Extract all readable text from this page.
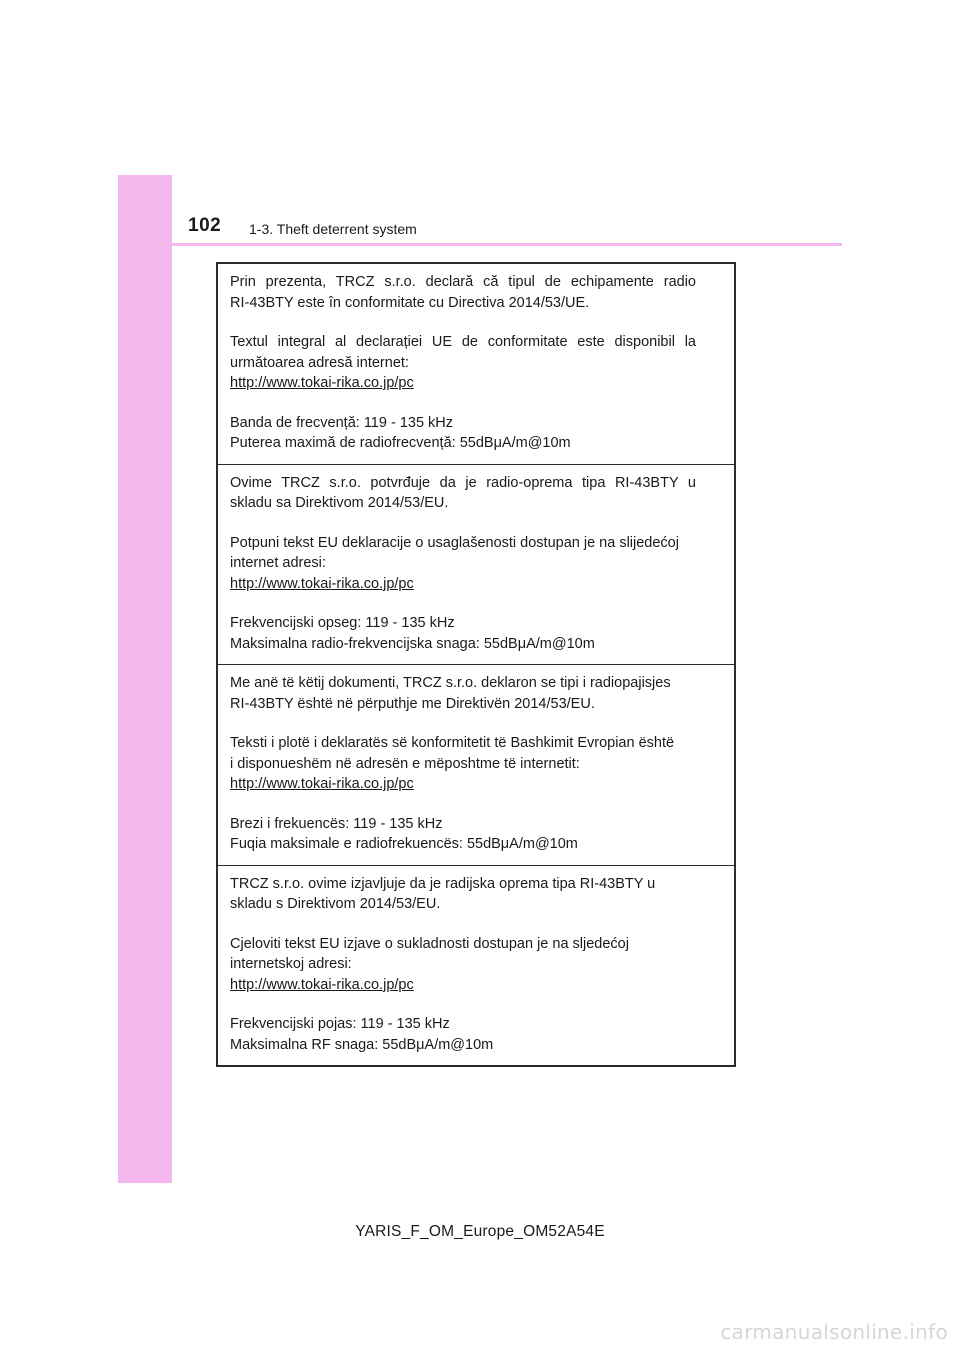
102 1-3. Theft deterrent system

Prin prezenta, TRCZ s.r.o. declară că tipul de echipamente radio

RI-43BTY este în conformitate cu Directiva 2014/53/UE.

Textul integral al declarației UE de conformitate este disponibil la

următoarea adresă internet:

http://www.tokai-rika.co.jp/pc

Banda de frecvență: 119 - 135 kHz

Puterea maximă de radiofrecvență: 55dBμA/m@10m

Ovime TRCZ s.r.o. potvrđuje da je radio-oprema tipa RI-43BTY u

skladu sa Direktivom 2014/53/EU.

Potpuni tekst EU deklaracije o usaglašenosti dostupan je na slijedećoj

internet adresi:

http://www.tokai-rika.co.jp/pc

Frekvencijski opseg: 119 - 135 kHz

Maksimalna radio-frekvencijska snaga: 55dBμA/m@10m

Me anë të këtij dokumenti, TRCZ s.r.o. deklaron se tipi i radiopajisjes

RI-43BTY është në përputhje me Direktivën 2014/53/EU.

Teksti i plotë i deklaratës së konformitetit të Bashkimit Evropian është

i disponueshëm në adresën e mëposhtme të internetit:

http://www.tokai-rika.co.jp/pc

Brezi i frekuencës: 119 - 135 kHz

Fuqia maksimale e radiofrekuencës: 55dBμA/m@10m

TRCZ s.r.o. ovime izjavljuje da je radijska oprema tipa RI-43BTY u

skladu s Direktivom 2014/53/EU.

Cjeloviti tekst EU izjave o sukladnosti dostupan je na sljedećoj

internetskoj adresi:

http://www.tokai-rika.co.jp/pc

Frekvencijski pojas: 119 - 135 kHz

Maksimalna RF snaga: 55dBμA/m@10m

YARIS_F_OM_Europe_OM52A54E
carmanualsonline.info
